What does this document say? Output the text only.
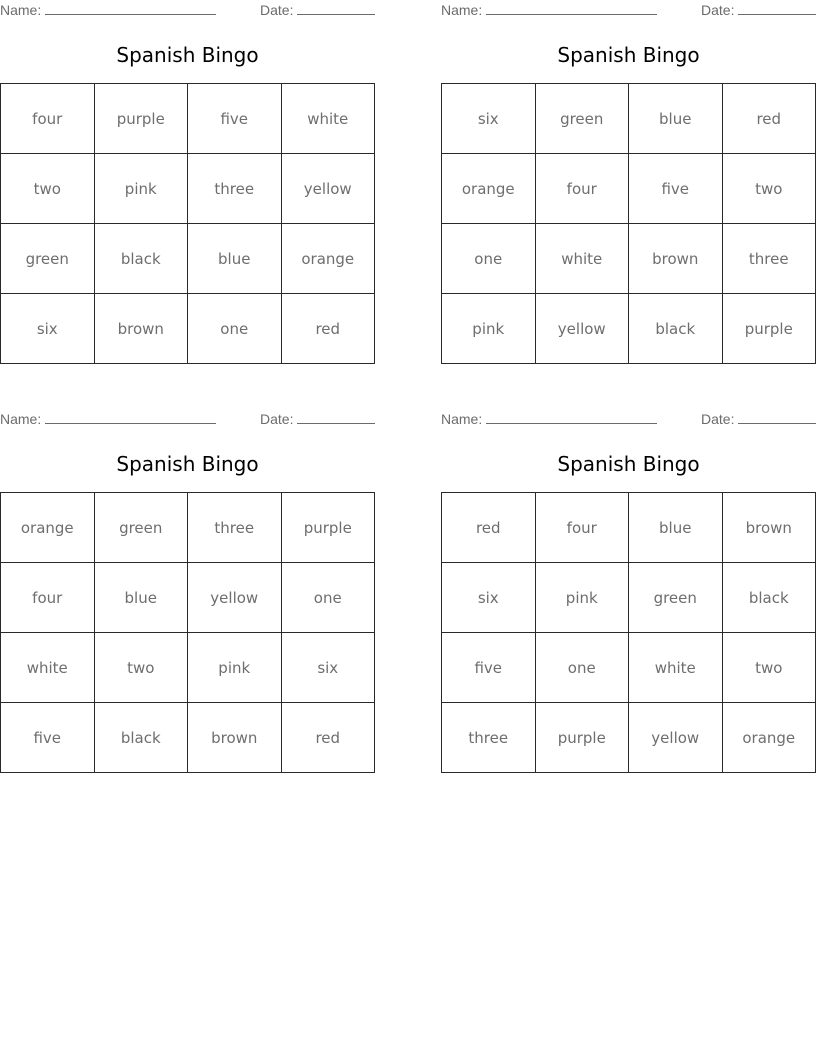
Name:	Date:
Spanish Bingo
four	purple	five	white
two	pink	three	yellow
green	black	blue	orange
six	brown	one	red
Name:	Date:
Spanish Bingo
six	green	blue	red
orange	four	five	two
one	white	brown	three
pink	yellow	black	purple
Name:	Date:
Spanish Bingo
orange	green	three	purple
four	blue	yellow	one
white	two	pink	six
five	black	brown	red
Name:	Date:
Spanish Bingo
red	four	blue	brown
six	pink	green	black
five	one	white	two
three	purple	yellow	orange
